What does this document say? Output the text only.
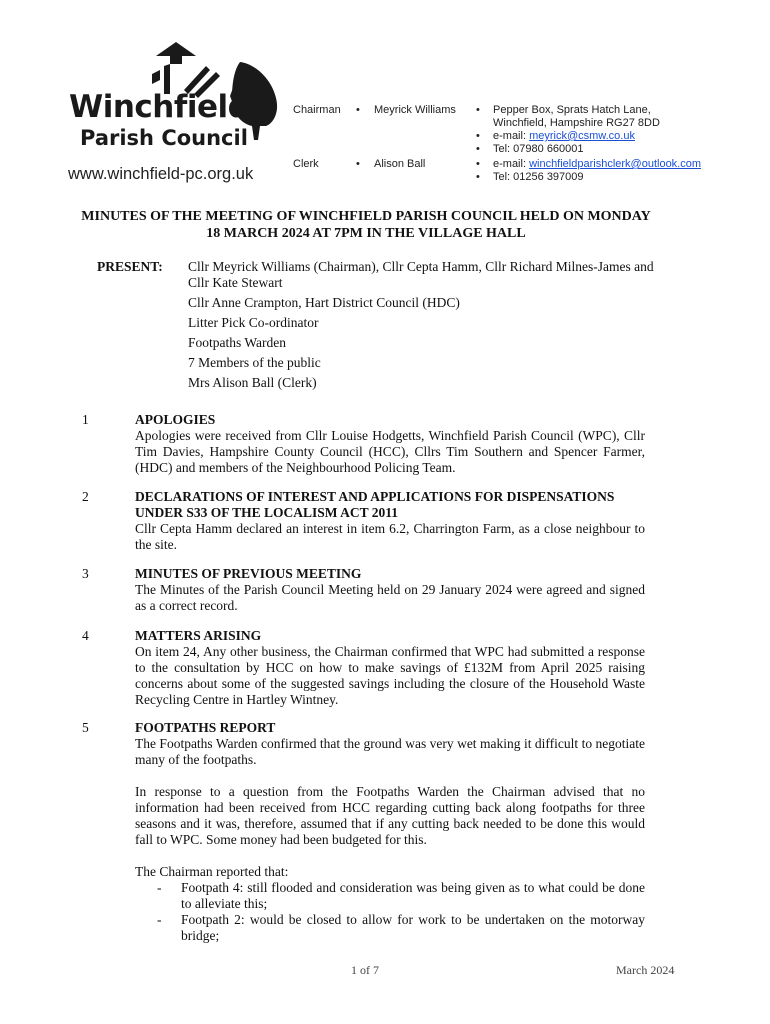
Winchfield
Parish Council
www.winchfield-pc.org.uk
Chairman • Meyrick Williams • Pepper Box, Sprats Hatch Lane,
Winchfield, Hampshire RG27 8DD
• e-mail: meyrick@csmw.co.uk
• Tel: 07980 660001
Clerk	• Alison Ball	• e-mail: winchfieldparishclerk@outlook.com
• Tel: 01256 397009
MINUTES OF THE MEETING OF WINCHFIELD PARISH COUNCIL HELD ON MONDAY 18 MARCH 2024 AT 7PM IN THE VILLAGE HALL
PRESENT: Cllr Meyrick Williams (Chairman), Cllr Cepta Hamm, Cllr Richard Milnes-James and Cllr Kate Stewart
Cllr Anne Crampton, Hart District Council (HDC)
Litter Pick Co-ordinator
Footpaths Warden
7 Members of the public
Mrs Alison Ball (Clerk)
1	APOLOGIES

Apologies were received from Cllr Louise Hodgetts, Winchfield Parish Council (WPC), Cllr Tim Davies, Hampshire County Council (HCC), Cllrs Tim Southern and Spencer Farmer, (HDC) and members of the Neighbourhood Policing Team.

2	DECLARATIONS OF INTEREST AND APPLICATIONS FOR DISPENSATIONS UNDER S33 OF THE LOCALISM ACT 2011

Cllr Cepta Hamm declared an interest in item 6.2, Charrington Farm, as a close neighbour to the site.

3	MINUTES OF PREVIOUS MEETING

The Minutes of the Parish Council Meeting held on 29 January 2024 were agreed and signed as a correct record.

4	MATTERS ARISING

On item 24, Any other business, the Chairman confirmed that WPC had submitted a response to the consultation by HCC on how to make savings of £132M from April 2025 raising concerns about some of the suggested savings including the closure of the Household Waste Recycling Centre in Hartley Wintney.

5	FOOTPATHS REPORT

The Footpaths Warden confirmed that the ground was very wet making it difficult to negotiate many of the footpaths.

In response to a question from the Footpaths Warden the Chairman advised that no information had been received from HCC regarding cutting back along footpaths for three seasons and it was, therefore, assumed that if any cutting back needed to be done this would fall to WPC. Some money had been budgeted for this.

The Chairman reported that:

- Footpath 4: still flooded and consideration was being given as to what could be done to alleviate this;
- Footpath 2: would be closed to allow for work to be undertaken on the motorway bridge;
1 of 7	March 2024
